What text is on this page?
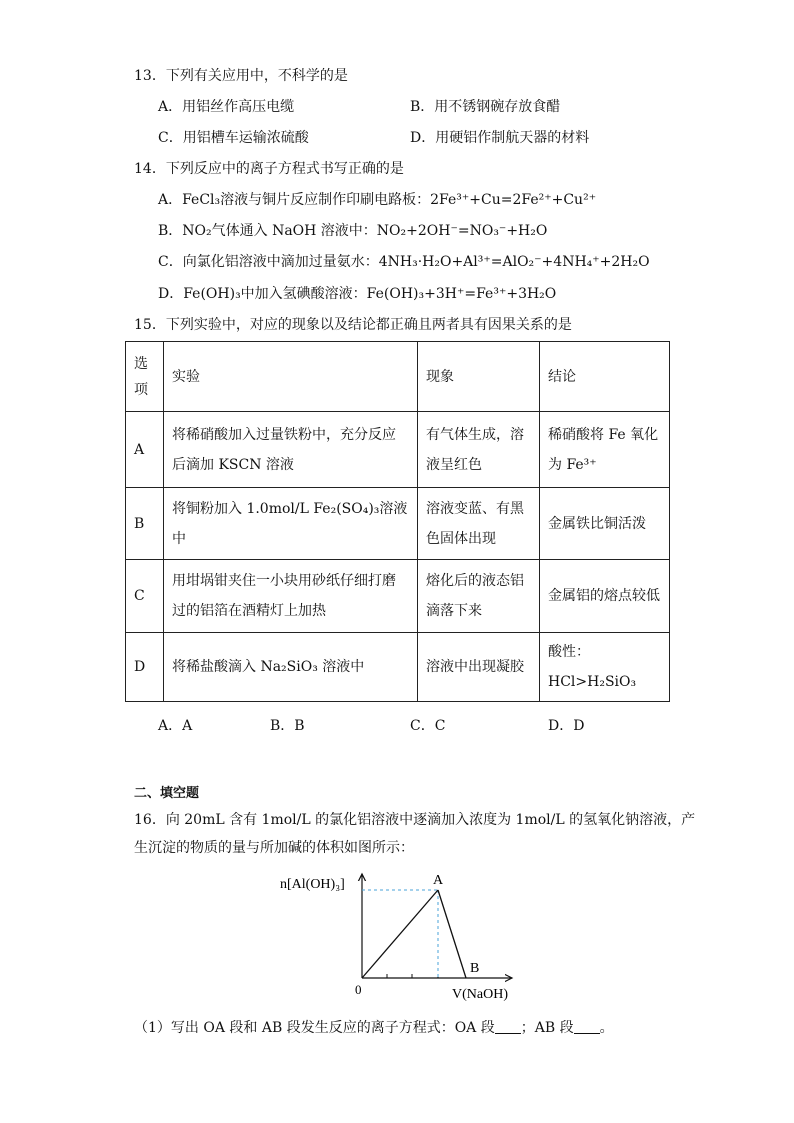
13．下列有关应用中，不科学的是
A．用铝丝作高压电缆	B．用不锈钢碗存放食醋
C．用铝槽车运输浓硫酸	D．用硬铝作制航天器的材料
14．下列反应中的离子方程式书写正确的是
A．FeCl₃溶液与铜片反应制作印刷电路板：2Fe³⁺+Cu=2Fe²⁺+Cu²⁺
B．NO₂气体通入 NaOH 溶液中：NO₂+2OH⁻=NO₃⁻+H₂O
C．向氯化铝溶液中滴加过量氨水：4NH₃·H₂O+Al³⁺=AlO₂⁻+4NH₄⁺+2H₂O
D．Fe(OH)₃中加入氢碘酸溶液：Fe(OH)₃+3H⁺=Fe³⁺+3H₂O
15．下列实验中，对应的现象以及结论都正确且两者具有因果关系的是
选项	实验	现象	结论
A	将稀硝酸加入过量铁粉中，充分反应后滴加 KSCN 溶液	有气体生成，溶液呈红色	稀硝酸将 Fe 氧化为 Fe³⁺
B	将铜粉加入 1.0mol/L Fe₂(SO₄)₃溶液中	溶液变蓝、有黑色固体出现	金属铁比铜活泼
C	用坩埚钳夹住一小块用砂纸仔细打磨过的铝箔在酒精灯上加热	熔化后的液态铝滴落下来	金属铝的熔点较低
D	将稀盐酸滴入 Na₂SiO₃ 溶液中	溶液中出现凝胶	酸性：HCl>H₂SiO₃
A．A	B．B	C．C	D．D
二、填空题
16．向 20mL 含有 1mol/L 的氯化铝溶液中逐滴加入浓度为 1mol/L 的氢氧化钠溶液，产
生沉淀的物质的量与所加碱的体积如图所示：
n[Al(OH)₃]
V(NaOH)
0
A
B
（1）写出 OA 段和 AB 段发生反应的离子方程式：OA 段 ；AB 段 。
